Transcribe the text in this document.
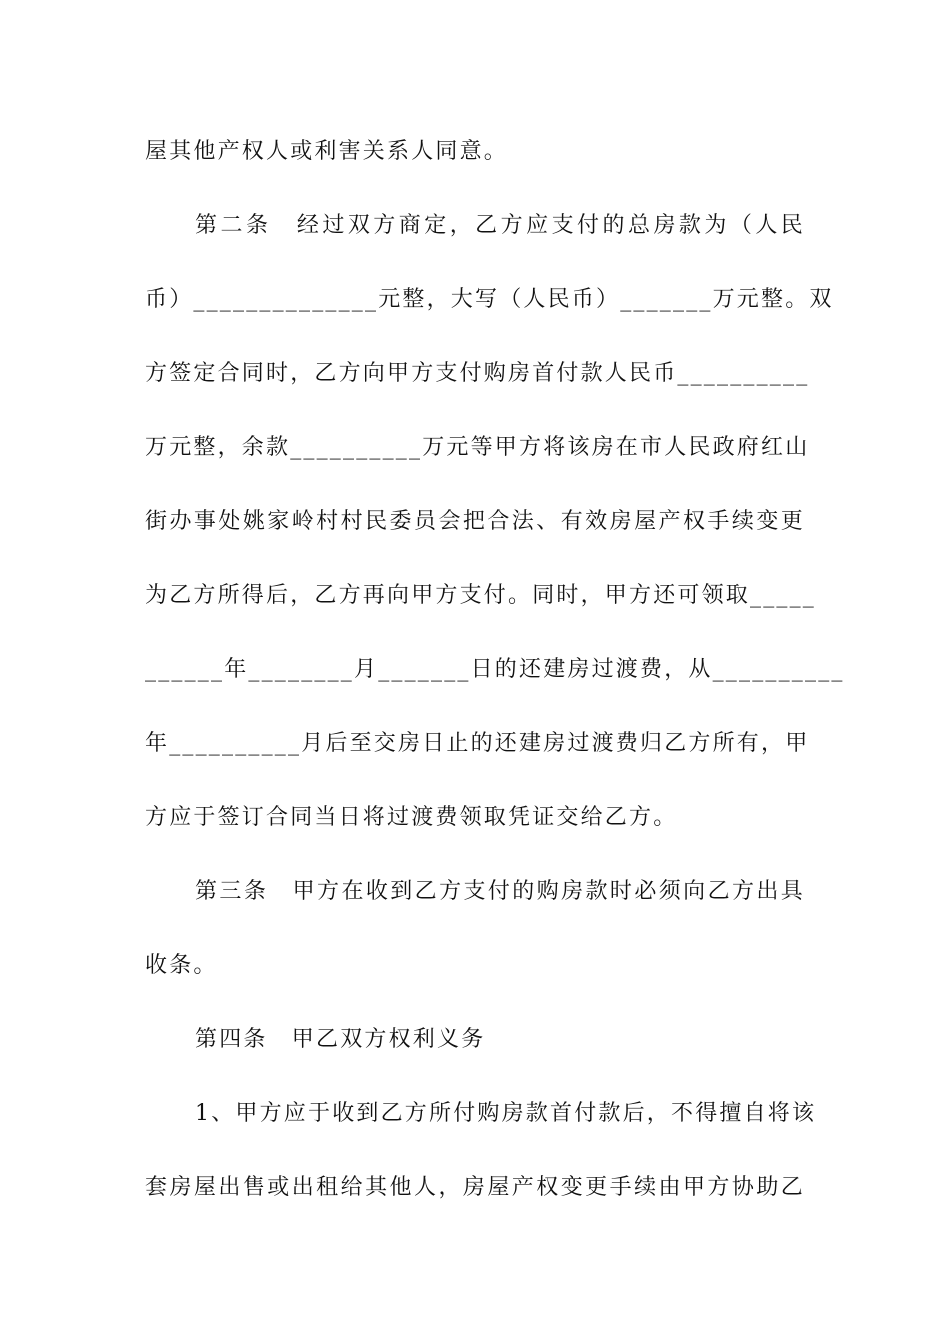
屋其他产权人或利害关系人同意。
第二条　经过双方商定，乙方应支付的总房款为（人民
币）______________元整，大写（人民币）_______万元整。双
方签定合同时，乙方向甲方支付购房首付款人民币__________
万元整，余款__________万元等甲方将该房在市人民政府红山
街办事处姚家岭村村民委员会把合法、有效房屋产权手续变更
为乙方所得后，乙方再向甲方支付。同时，甲方还可领取_____
______年________月_______日的还建房过渡费，从__________
年__________月后至交房日止的还建房过渡费归乙方所有，甲
方应于签订合同当日将过渡费领取凭证交给乙方。
第三条　甲方在收到乙方支付的购房款时必须向乙方出具
收条。
第四条　甲乙双方权利义务
1、甲方应于收到乙方所付购房款首付款后，不得擅自将该
套房屋出售或出租给其他人，房屋产权变更手续由甲方协助乙
